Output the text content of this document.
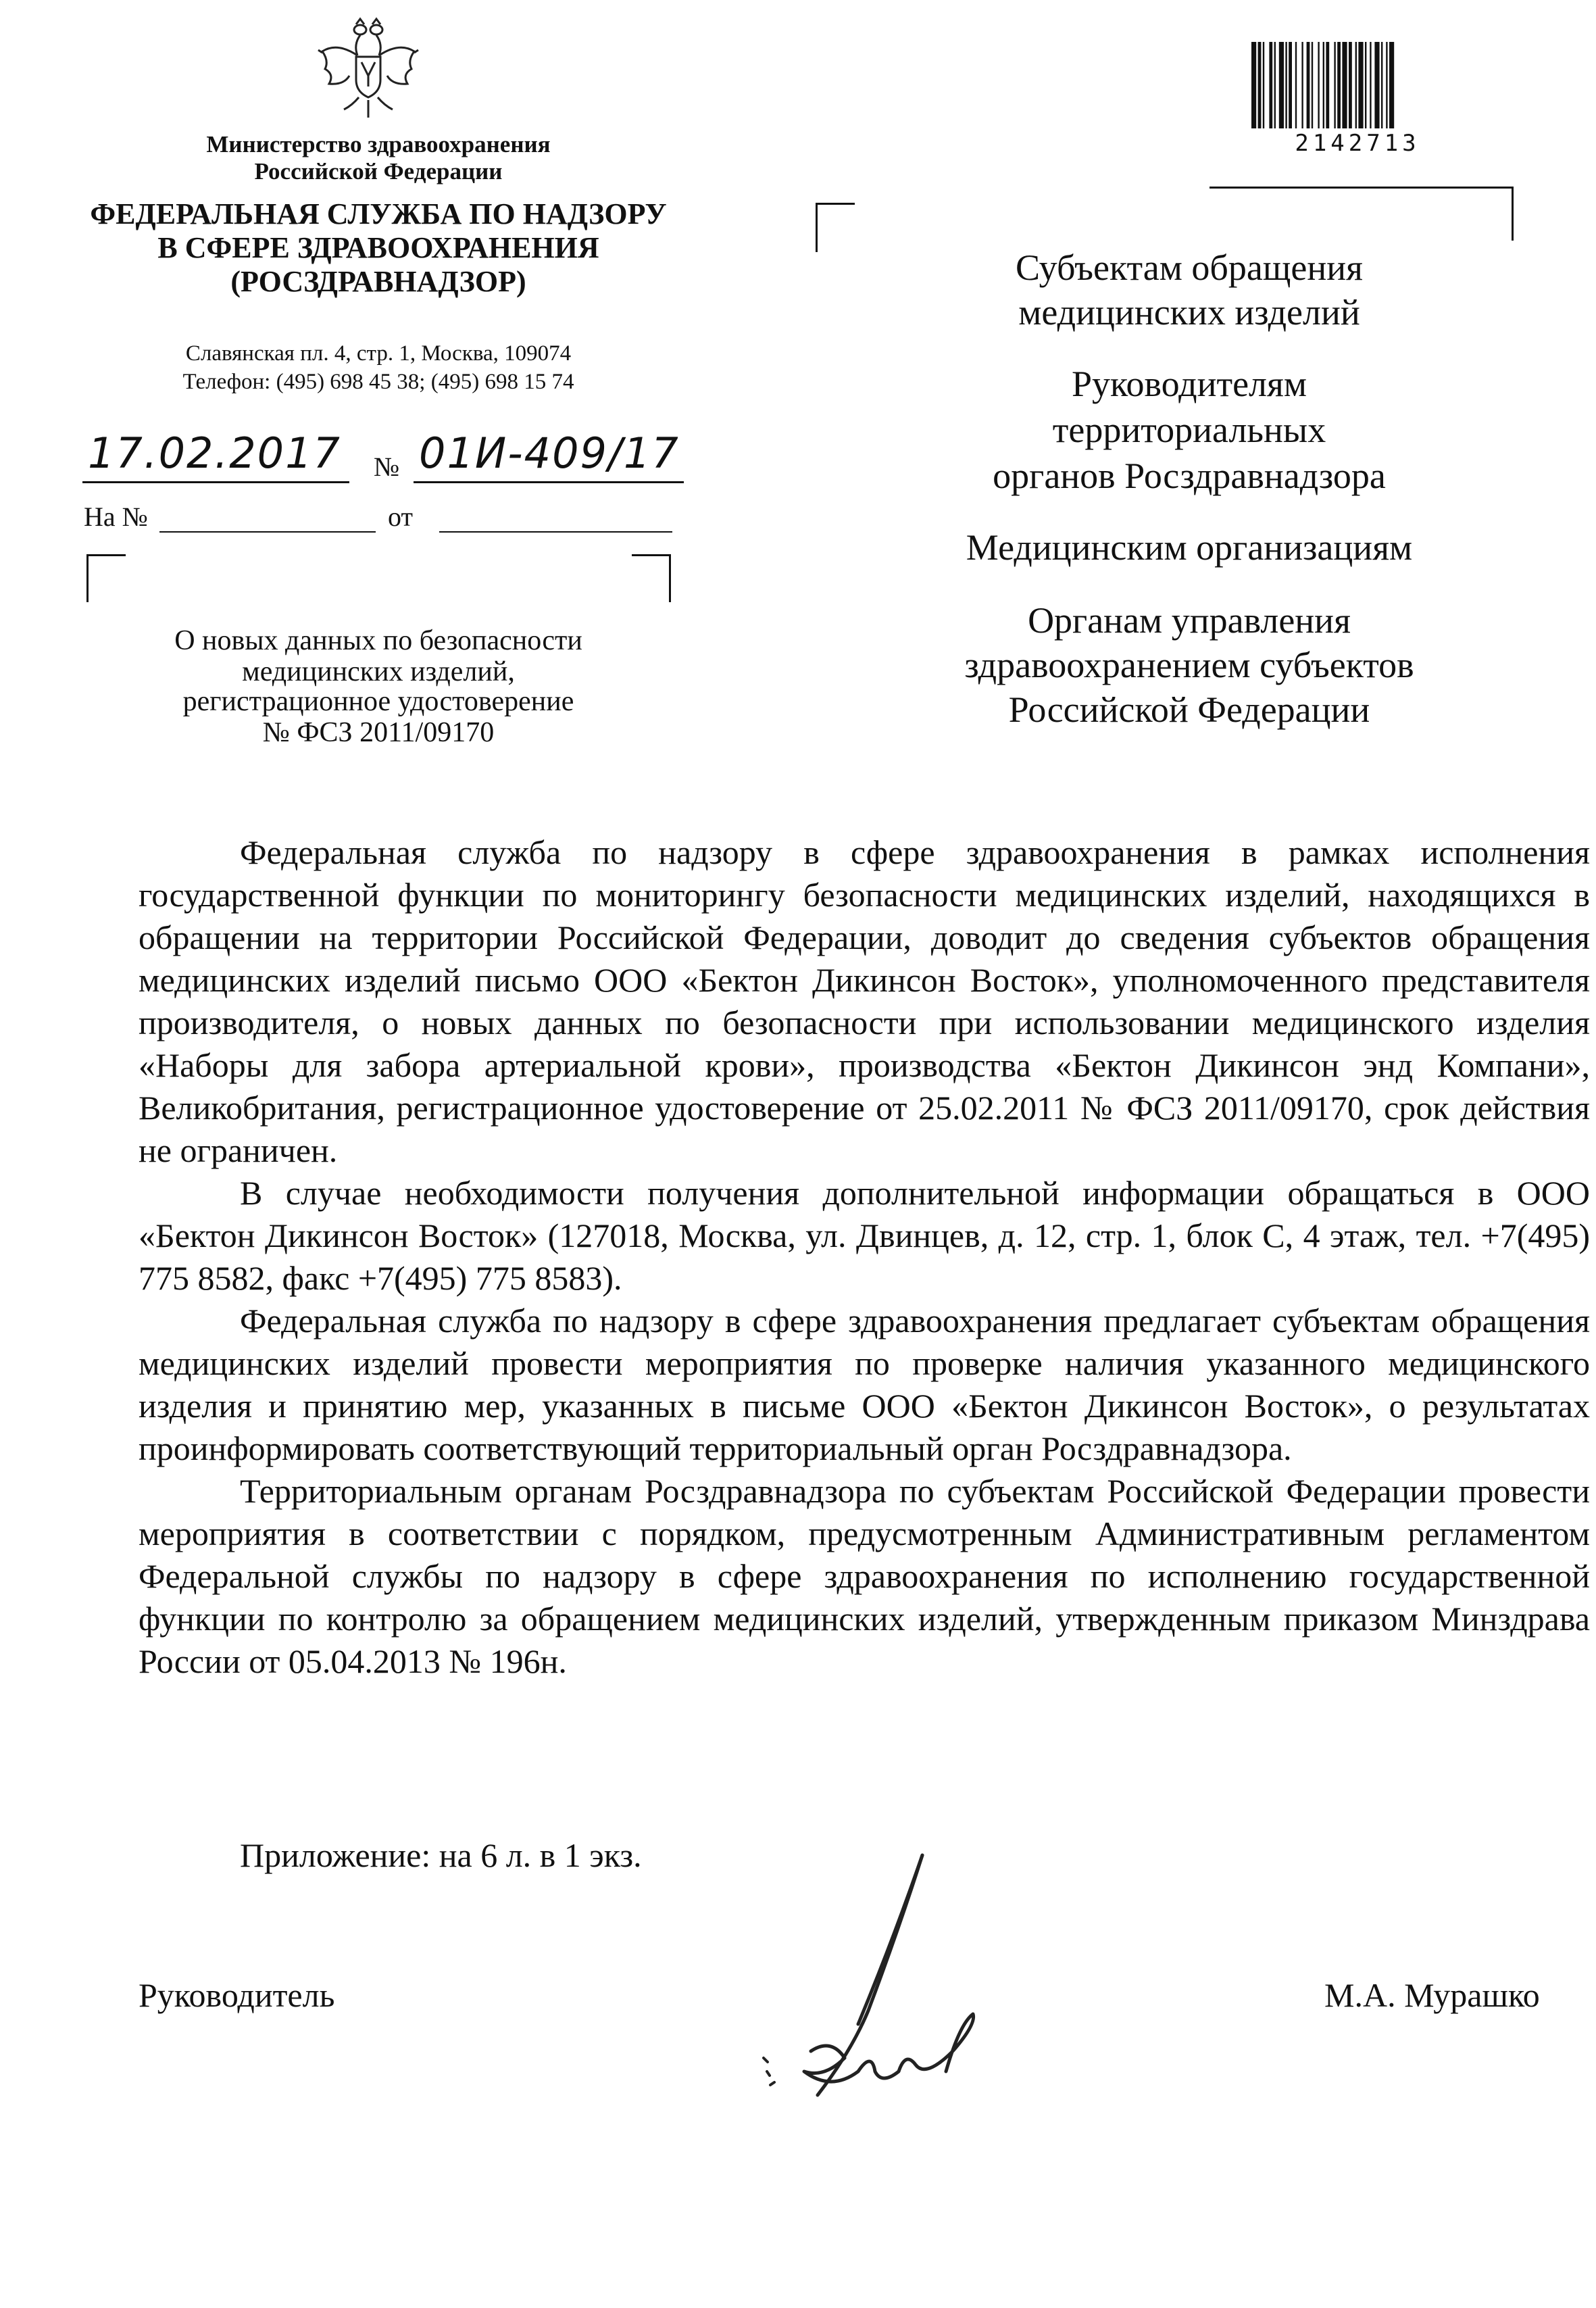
Министерство здравоохранения
Российской Федерации
ФЕДЕРАЛЬНАЯ СЛУЖБА ПО НАДЗОРУ
В СФЕРЕ ЗДРАВООХРАНЕНИЯ
(РОСЗДРАВНАДЗОР)
Славянская пл. 4, стр. 1, Москва, 109074
Телефон: (495) 698 45 38; (495) 698 15 74
17.02.2017 № 01И-409/17
На №	от
О новых данных по безопасности
медицинских изделий,
регистрационное удостоверение
№ ФСЗ 2011/09170
2142713
Субъектам обращения
медицинских изделий
Руководителям
территориальных
органов Росздравнадзора
Медицинским организациям
Органам управления
здравоохранением субъектов
Российской Федерации

Федеральная служба по надзору в сфере здравоохранения в рамках исполнения государственной функции по мониторингу безопасности медицинских изделий, находящихся в обращении на территории Российской Федерации, доводит до сведения субъектов обращения медицинских изделий письмо ООО «Бектон Дикинсон Восток», уполномоченного представителя производителя, о новых данных по безопасности при использовании медицинского изделия «Наборы для забора артериальной крови», производства «Бектон Дикинсон энд Компани», Великобритания, регистрационное удостоверение от 25.02.2011 № ФСЗ 2011/09170, срок действия не ограничен.

В случае необходимости получения дополнительной информации обращаться в ООО «Бектон Дикинсон Восток» (127018, Москва, ул. Двинцев, д. 12, стр. 1, блок С, 4 этаж, тел. +7(495) 775 8582, факс +7(495) 775 8583).

Федеральная служба по надзору в сфере здравоохранения предлагает субъектам обращения медицинских изделий провести мероприятия по проверке наличия указанного медицинского изделия и принятию мер, указанных в письме ООО «Бектон Дикинсон Восток», о результатах проинформировать соответствующий территориальный орган Росздравнадзора.

Территориальным органам Росздравнадзора по субъектам Российской Федерации провести мероприятия в соответствии с порядком, предусмотренным Административным регламентом Федеральной службы по надзору в сфере здравоохранения по исполнению государственной функции по контролю за обращением медицинских изделий, утвержденным приказом Минздрава России от 05.04.2013 № 196н.

Приложение: на 6 л. в 1 экз.
Руководитель	М.А. Мурашко
